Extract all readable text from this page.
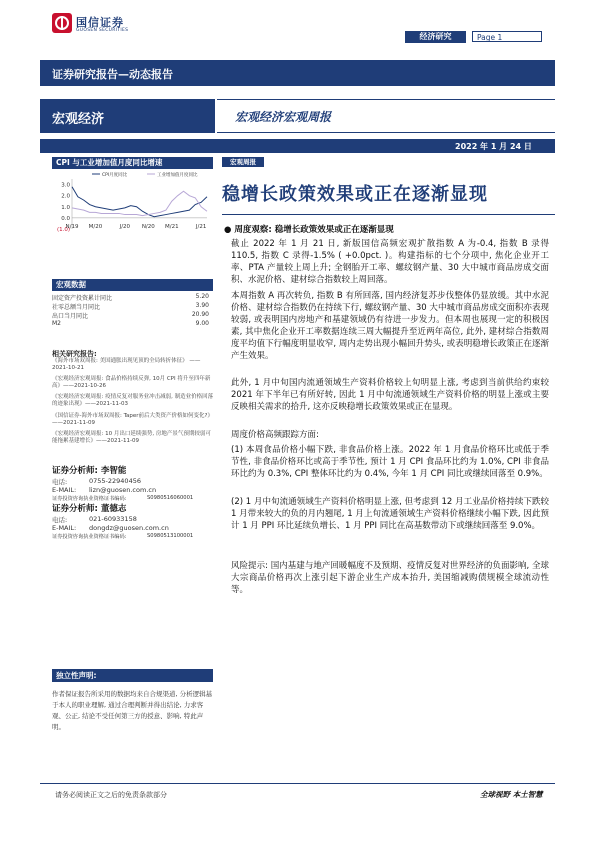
国信证券
GUOSEN SECURITIES
经济研究	Page 1
证券研究报告—动态报告
宏观经济	宏观经济宏观周报
2022 年 1 月 24 日
CPI 与工业增加值月度同比增速
3.0
2.0
1.0
0.0
(1.0)
N/19 M/20	J/20 N/20 M/21	J/21
CPI月度同比	工业增加值月度同比
宏观数据
固定资产投资累计同比	5.20
社零总额当月同比	3.90
出口当月同比	20.90
M2	9.00
相关研究报告:
《海外市场双周报: 美国通胀出现见顶的全局转折体征》 ——2021-10-21
《宏观经济宏观周报: 食品价格持续反弹, 10月 CPI 将升至四年新高》——2021-10-26
《宏观经济宏观周报: 疫情反复对服务业冲击减弱, 制造业价格回落的迹象出现》——2021-11-03
《国信证券-海外市场双周报: Taper前后大类资产价格如何变化?》——2021-11-09
《宏观经济宏观周报: 10 月出口延续强势, 房地产景气预期较弱可能拖累基建增长》——2021-11-09
证券分析师: 李智能
电话:	0755-22940456
E-MAIL: lizn@guosen.com.cn
证券投资咨询执业资格证书编码:	S0980516060001
证券分析师: 董德志
电话:	021-60933158
E-MAIL: dongdz@guosen.com.cn
证券投资咨询执业资格证书编码:	S0980513100001
宏观周报
稳增长政策效果或正在逐渐显现
● 周度观察: 稳增长政策效果或正在逐渐显现
截止 2022 年 1 月 21 日, 新版国信高频宏观扩散指数 A 为-0.4, 指数 B 录得 110.5, 指数 C 录得-1.5% ( +0.0pct. )。构建指标的七个分项中, 焦化企业开工率、PTA 产量较上周上升; 全钢胎开工率、螺纹钢产量、30 大中城市商品房成交面积、水泥价格、建材综合指数较上周回落。
本周指数 A 再次转负, 指数 B 有所回落, 国内经济复苏步伐整体仍显放缓。其中水泥价格、建材综合指数仍在持续下行, 螺纹钢产量、30 大中城市商品房成交面积亦表现较弱, 或表明国内房地产和基建领域仍有待进一步发力。但本周也展现一定的积极因素, 其中焦化企业开工率数据连续三周大幅提升至近两年高位, 此外, 建材综合指数周度平均值下行幅度明显收窄, 周内走势出现小幅回升势头, 或表明稳增长政策正在逐渐产生效果。
此外, 1 月中旬国内流通领域生产资料价格较上旬明显上涨, 考虑到当前供给约束较 2021 年下半年已有所好转, 因此 1 月中旬流通领域生产资料价格的明显上涨或主要反映相关需求的拾升, 这亦反映稳增长政策效果或正在显现。
周度价格高频跟踪方面:
(1) 本周食品价格小幅下跌, 非食品价格上涨。2022 年 1 月食品价格环比或低于季节性, 非食品价格环比或高于季节性, 预计 1 月 CPI 食品环比约为 1.0%, CPI 非食品环比约为 0.3%, CPI 整体环比约为 0.4%, 今年 1 月 CPI 同比或继续回落至 0.9%。
(2) 1 月中旬流通领域生产资料价格明显上涨, 但考虑到 12 月工业品价格持续下跌较 1 月带来较大的负的月内翘尾, 1 月上旬流通领域生产资料价格继续小幅下跌, 因此预计 1 月 PPI 环比延续负增长、1 月 PPI 同比在高基数带动下或继续回落至 9.0%。
风险提示: 国内基建与地产回暖幅度不及预期、疫情反复对世界经济的负面影响, 全球大宗商品价格再次上涨引起下游企业生产成本抬升, 美国缩减购债规模全球流动性等。
独立性声明:
作者保证报告所采用的数据均来自合规渠道, 分析逻辑基于本人的职业理解, 通过合理判断并得出结论, 力求客观、公正, 结论不受任何第三方的授意、影响, 特此声明。
请务必阅读正文之后的免责条款部分	全球视野 本土智慧
